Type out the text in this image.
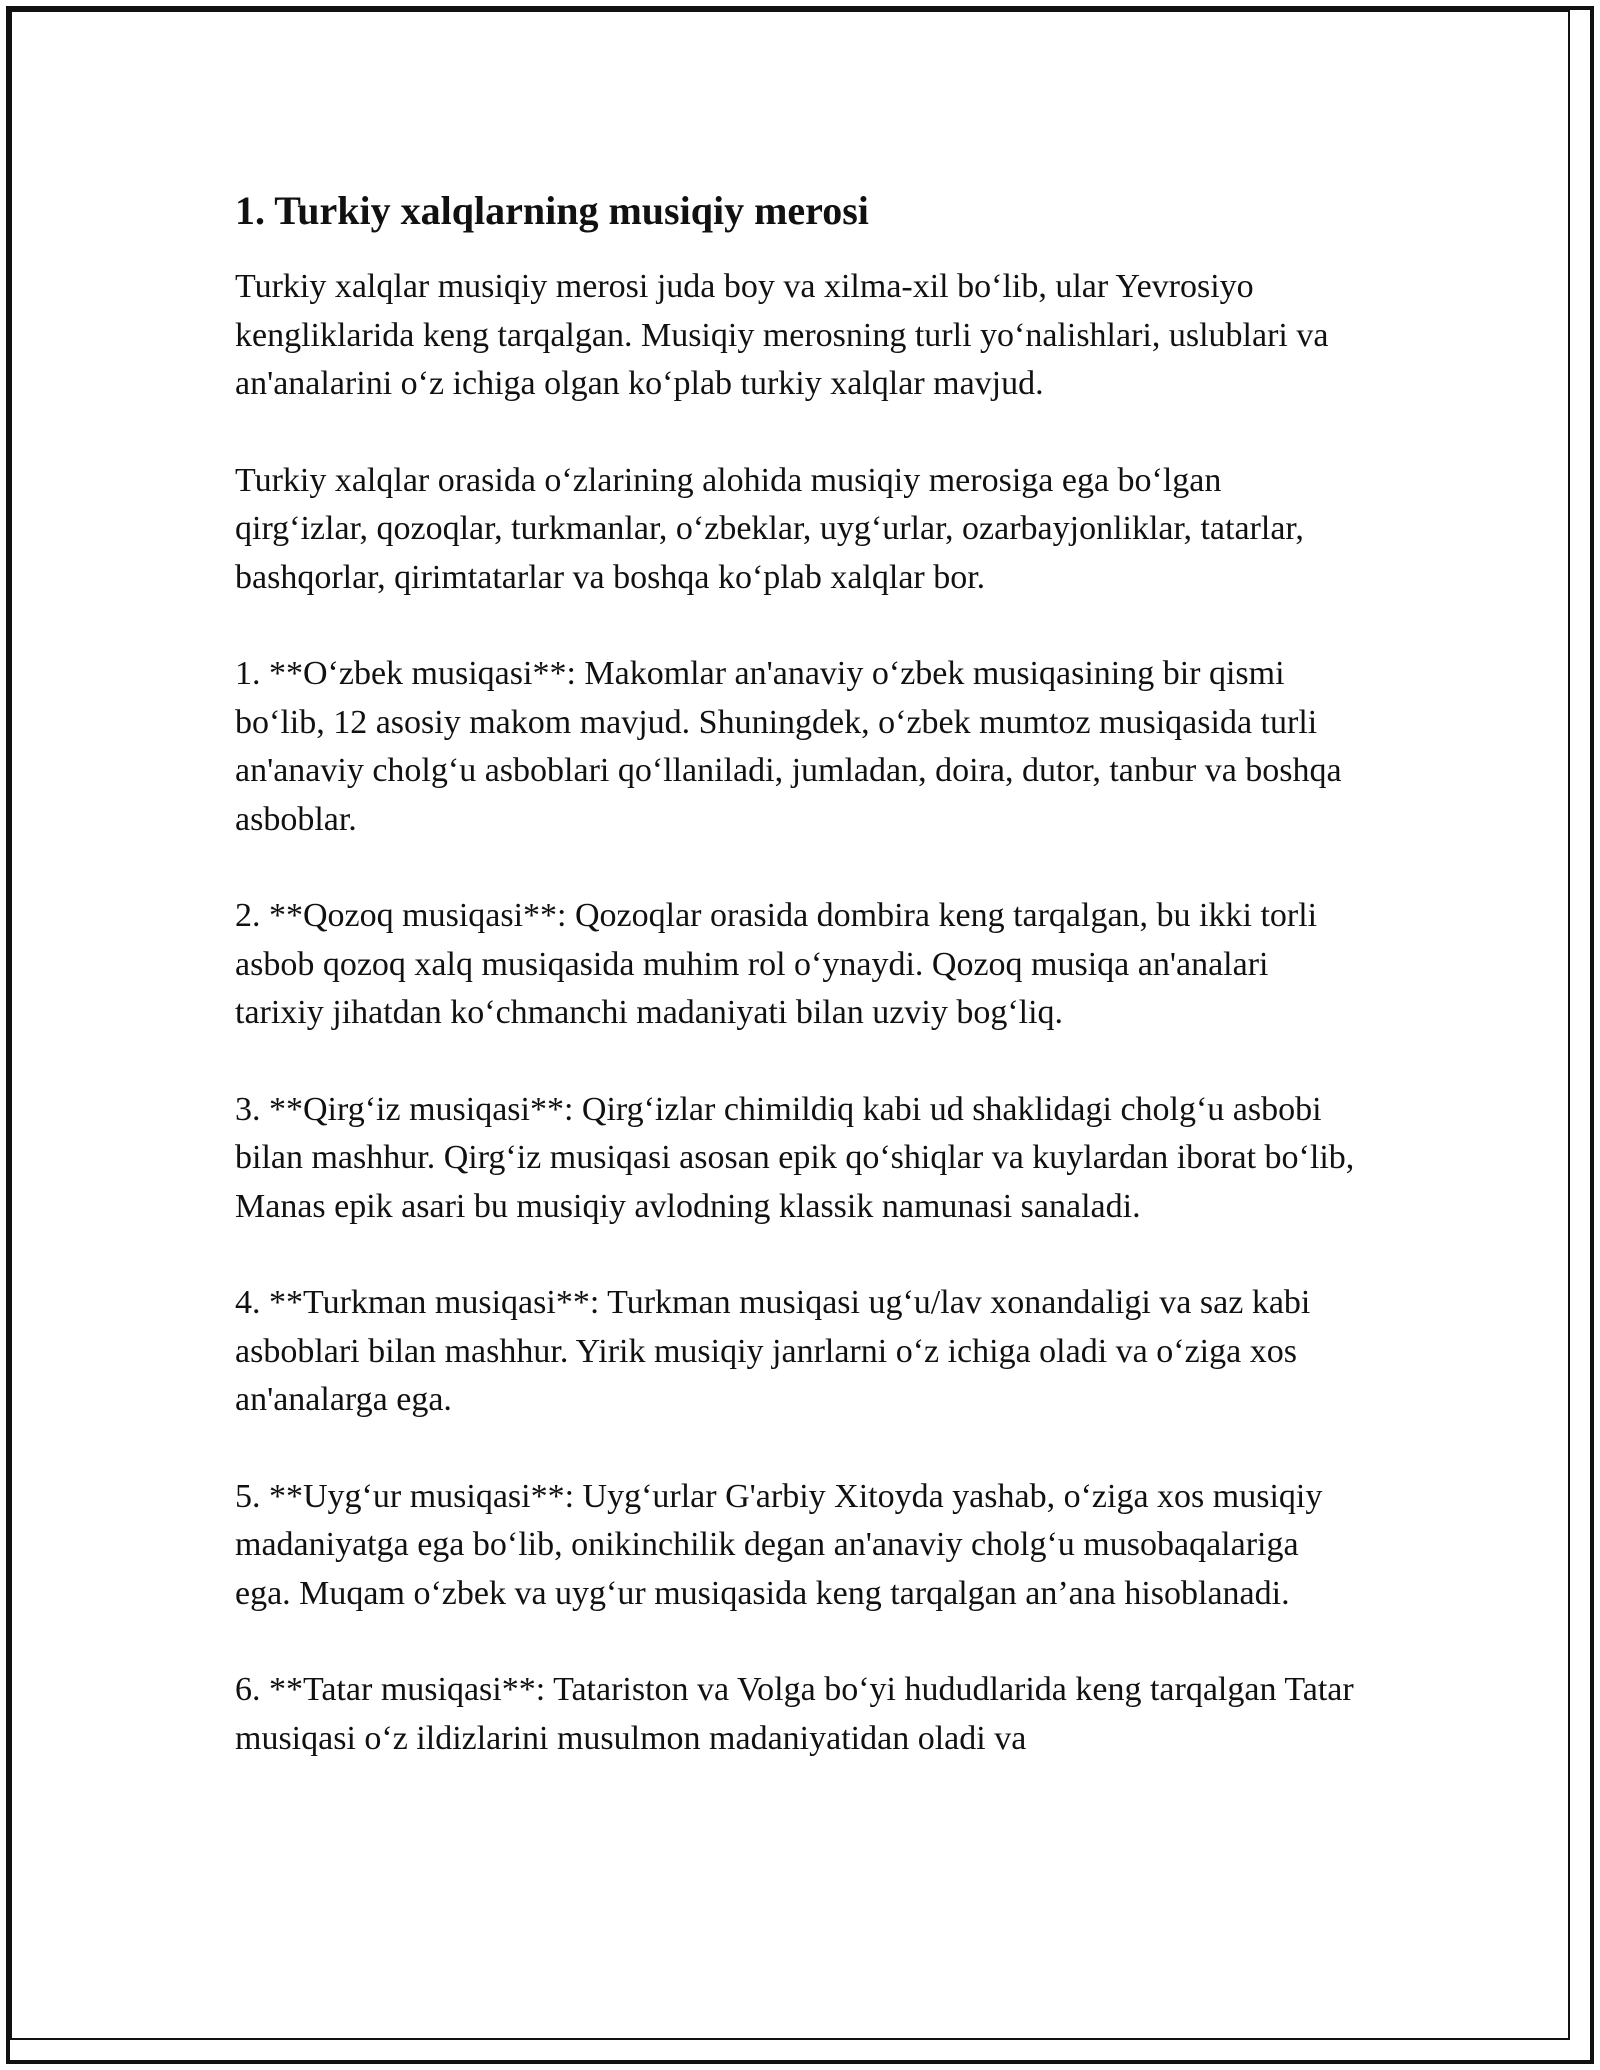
1. Turkiy xalqlarning musiqiy merosi

Turkiy xalqlar musiqiy merosi juda boy va xilma-xil bo‘lib, ular Yevrosiyo kengliklarida keng tarqalgan. Musiqiy merosning turli yo‘nalishlari, uslublari va an'analarini o‘z ichiga olgan ko‘plab turkiy xalqlar mavjud.

Turkiy xalqlar orasida o‘zlarining alohida musiqiy merosiga ega bo‘lgan qirg‘izlar, qozoqlar, turkmanlar, o‘zbeklar, uyg‘urlar, ozarbayjonliklar, tatarlar, bashqorlar, qirimtatarlar va boshqa ko‘plab xalqlar bor.

1. **O‘zbek musiqasi**: Makomlar an'anaviy o‘zbek musiqasining bir qismi bo‘lib, 12 asosiy makom mavjud. Shuningdek, o‘zbek mumtoz musiqasida turli an'anaviy cholg‘u asboblari qo‘llaniladi, jumladan, doira, dutor, tanbur va boshqa asboblar.

2. **Qozoq musiqasi**: Qozoqlar orasida dombira keng tarqalgan, bu ikki torli asbob qozoq xalq musiqasida muhim rol o‘ynaydi. Qozoq musiqa an'analari tarixiy jihatdan ko‘chmanchi madaniyati bilan uzviy bog‘liq.

3. **Qirg‘iz musiqasi**: Qirg‘izlar chimildiq kabi ud shaklidagi cholg‘u asbobi bilan mashhur. Qirg‘iz musiqasi asosan epik qo‘shiqlar va kuylardan iborat bo‘lib, Manas epik asari bu musiqiy avlodning klassik namunasi sanaladi.

4. **Turkman musiqasi**: Turkman musiqasi ug‘u/lav xonandaligi va saz kabi asboblari bilan mashhur. Yirik musiqiy janrlarni o‘z ichiga oladi va o‘ziga xos an'analarga ega.

5. **Uyg‘ur musiqasi**: Uyg‘urlar G'arbiy Xitoyda yashab, o‘ziga xos musiqiy madaniyatga ega bo‘lib, onikinchilik degan an'anaviy cholg‘u musobaqalariga ega. Muqam o‘zbek va uyg‘ur musiqasida keng tarqalgan an’ana hisoblanadi.

6. **Tatar musiqasi**: Tatariston va Volga bo‘yi hududlarida keng tarqalgan Tatar musiqasi o‘z ildizlarini musulmon madaniyatidan oladi va
